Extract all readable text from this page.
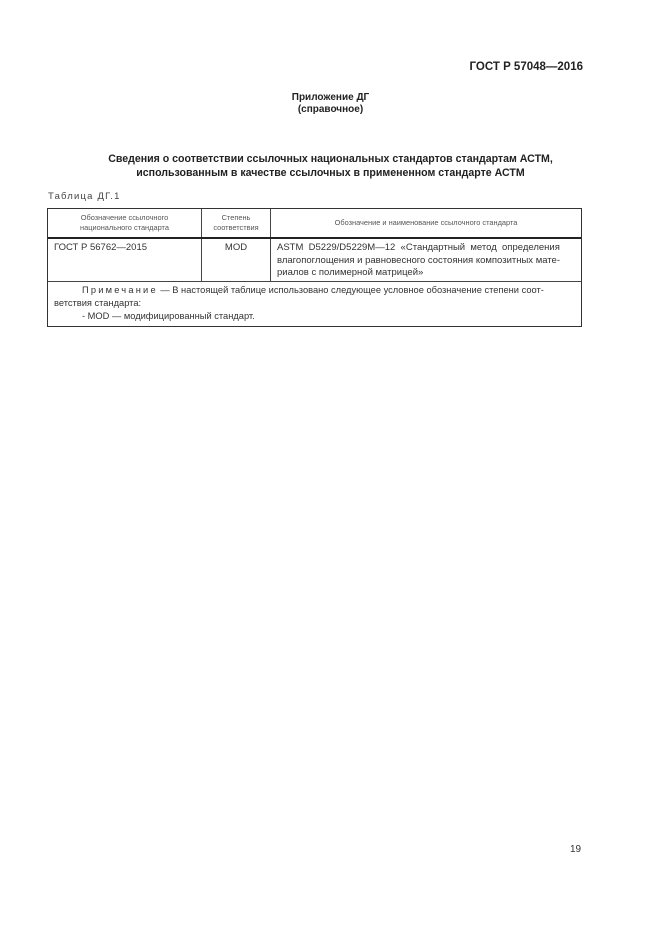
ГОСТ Р 57048—2016
Приложение ДГ
(справочное)
Сведения о соответствии ссылочных национальных стандартов стандартам АСТМ,
использованным в качестве ссылочных в примененном стандарте АСТМ
Таблица ДГ.1
Обозначение ссылочного
национального стандарта
Степень
соответствия
Обозначение и наименование ссылочного стандарта
ГОСТ Р 56762—2015	MOD	ASTM  D5229/D5229M—12  «Стандартный  метод  определения
влагопоглощения и равновесного состояния композитных мате-
риалов с полимерной матрицей»

Примечание — В настоящей таблице использовано следующее условное обозначение степени соот-

ветствия стандарта:

- MOD — модифицированный стандарт.

19
